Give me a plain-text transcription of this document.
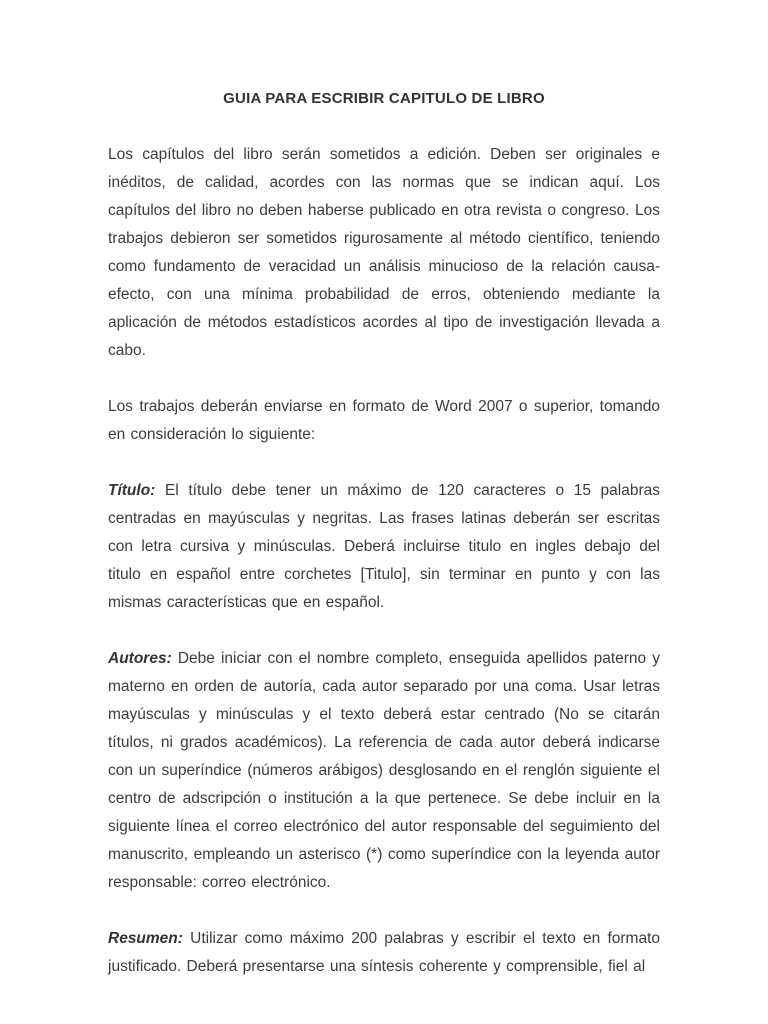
GUIA PARA ESCRIBIR CAPITULO DE LIBRO

Los capítulos del libro serán sometidos a edición. Deben ser originales e inéditos, de calidad, acordes con las normas que se indican aquí. Los capítulos del libro no deben haberse publicado en otra revista o congreso. Los trabajos debieron ser sometidos rigurosamente al método científico, teniendo como fundamento de veracidad un análisis minucioso de la relación causa-efecto, con una mínima probabilidad de erros, obteniendo mediante la aplicación de métodos estadísticos acordes al tipo de investigación llevada a cabo.

Los trabajos deberán enviarse en formato de Word 2007 o superior, tomando en consideración lo siguiente:

Título: El título debe tener un máximo de 120 caracteres o 15 palabras centradas en mayúsculas y negritas. Las frases latinas deberán ser escritas con letra cursiva y minúsculas. Deberá incluirse titulo en ingles debajo del titulo en español entre corchetes [Titulo], sin terminar en punto y con las mismas características que en español.

Autores: Debe iniciar con el nombre completo, enseguida apellidos paterno y materno en orden de autoría, cada autor separado por una coma. Usar letras mayúsculas y minúsculas y el texto deberá estar centrado (No se citarán títulos, ni grados académicos). La referencia de cada autor deberá indicarse con un superíndice (números arábigos) desglosando en el renglón siguiente el centro de adscripción o institución a la que pertenece. Se debe incluir en la siguiente línea el correo electrónico del autor responsable del seguimiento del manuscrito, empleando un asterisco (*) como superíndice con la leyenda autor responsable: correo electrónico.

Resumen: Utilizar como máximo 200 palabras y escribir el texto en formato justificado. Deberá presentarse una síntesis coherente y comprensible, fiel al
